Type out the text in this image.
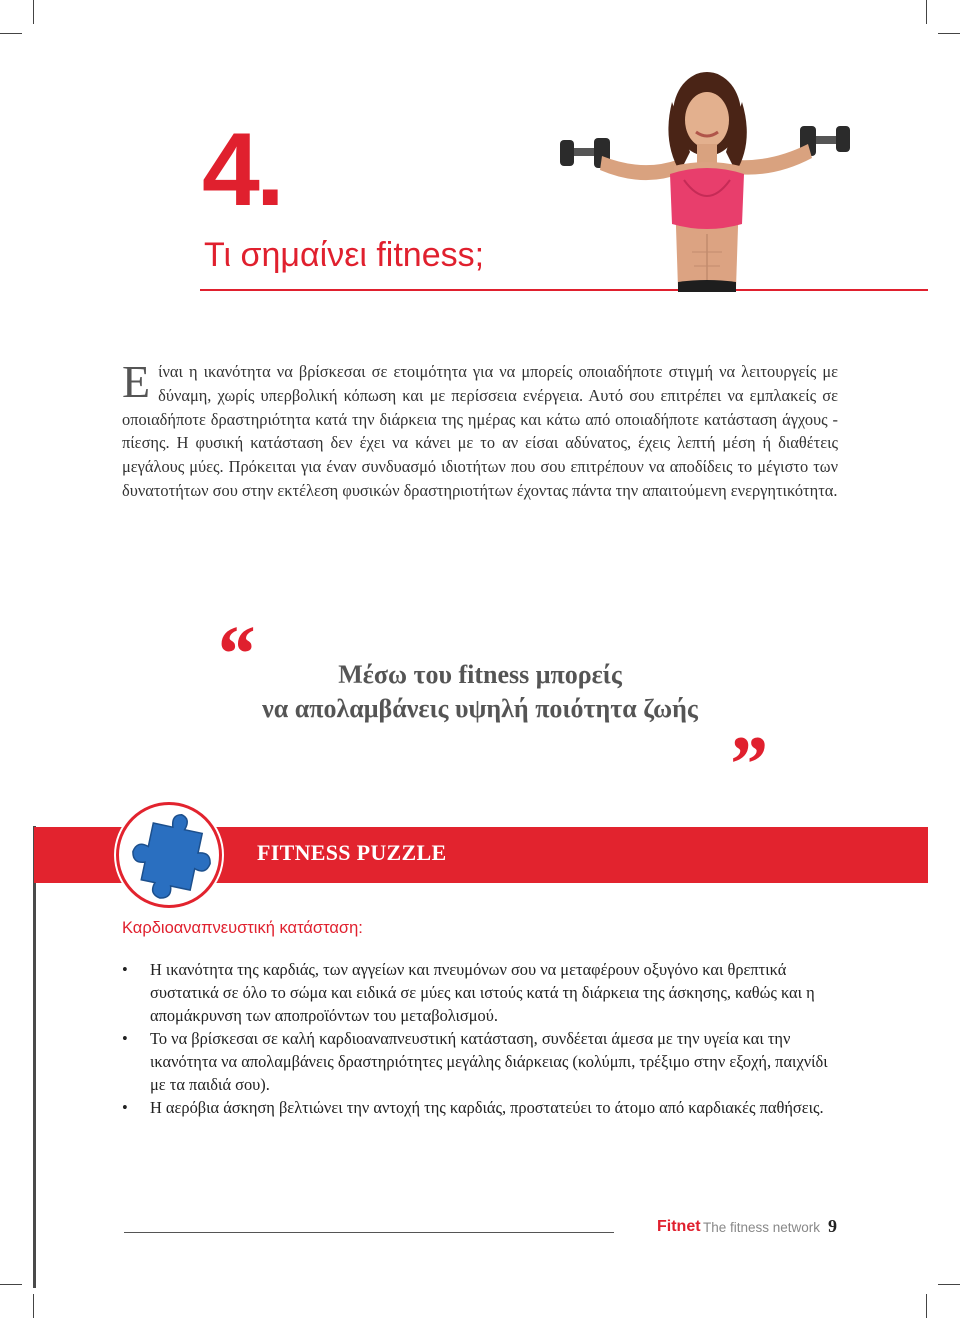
4.
Τι σημαίνει fitness;
Ε ίναι η ικανότητα να βρίσκεσαι σε ετοιμότητα για να μπορείς οποιαδήποτε στιγμή να λειτουργείς με δύναμη, χωρίς υπερβολική κόπωση και με περίσσεια ενέργεια. Αυτό σου επιτρέπει να εμπλακείς σε οποιαδήποτε δραστηριότητα κατά την διάρκεια της ημέρας και κάτω από οποιαδήποτε κατάσταση άγχους - πίεσης. Η φυσική κατάσταση δεν έχει να κάνει με το αν είσαι αδύνατος, έχεις λεπτή μέση ή διαθέτεις μεγάλους μύες. Πρόκειται για έναν συνδυασμό ιδιοτήτων που σου επιτρέπουν να αποδίδεις το μέγιστο των δυνατοτήτων σου στην εκτέλεση φυσικών δραστηριοτήτων έχοντας πάντα την απαιτούμενη ενεργητικότητα.
“	Μέσω του fitness μπορείς
να απολαμβάνεις υψηλή ποιότητα ζωής
”
FITNESS PUZZLE
Καρδιοαναπνευστική κατάσταση:
• Η ικανότητα της καρδιάς, των αγγείων και πνευμόνων σου να μεταφέρουν οξυγόνο και θρεπτικά συστατικά σε όλο το σώμα και ειδικά σε μύες και ιστούς κατά τη διάρκεια της άσκησης, καθώς και η απομάκρυνση των αποπροϊόντων του μεταβολισμού.
• Το να βρίσκεσαι σε καλή καρδιοαναπνευστική κατάσταση, συνδέεται άμεσα με την υγεία και την ικανότητα να απολαμβάνεις δραστηριότητες μεγάλης διάρκειας (κολύμπι, τρέξιμο στην εξοχή, παιχνίδι με τα παιδιά σου).
• Η αερόβια άσκηση βελτιώνει την αντοχή της καρδιάς, προστατεύει το άτομο από καρδιακές παθήσεις.
Fitnet The fitness network 9
